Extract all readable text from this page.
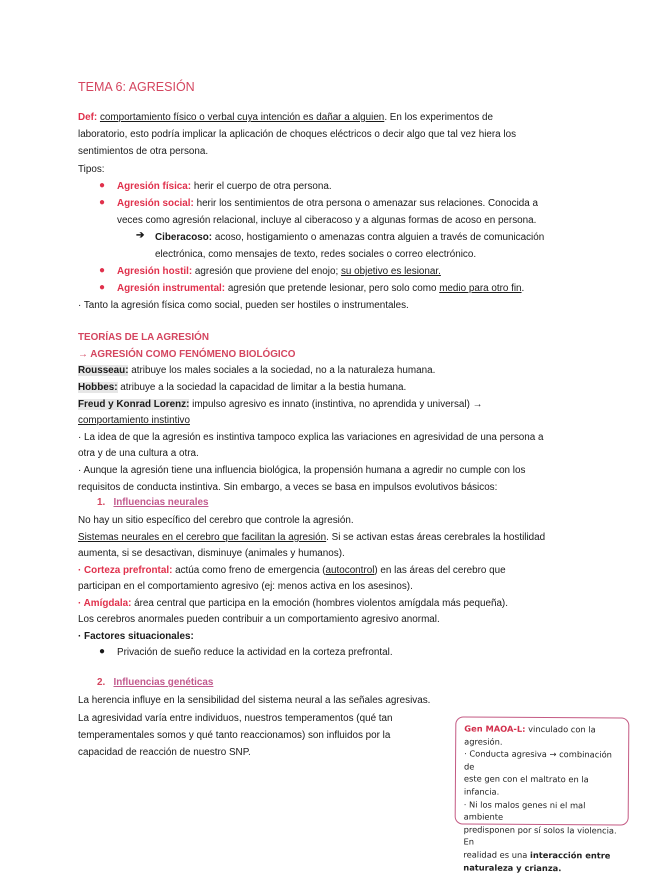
TEMA 6: AGRESIÓN
Def: comportamiento físico o verbal cuya intención es dañar a alguien. En los experimentos de
laboratorio, esto podría implicar la aplicación de choques eléctricos o decir algo que tal vez hiera los
sentimientos de otra persona.
Tipos:
● Agresión física: herir el cuerpo de otra persona.
● Agresión social: herir los sentimientos de otra persona o amenazar sus relaciones. Conocida a
veces como agresión relacional, incluye al ciberacoso y a algunas formas de acoso en persona.
➔ Ciberacoso: acoso, hostigamiento o amenazas contra alguien a través de comunicación
electrónica, como mensajes de texto, redes sociales o correo electrónico.
● Agresión hostil: agresión que proviene del enojo; su objetivo es lesionar.
● Agresión instrumental: agresión que pretende lesionar, pero solo como medio para otro fin.
· Tanto la agresión física como social, pueden ser hostiles o instrumentales.
TEORÍAS DE LA AGRESIÓN
→ AGRESIÓN COMO FENÓMENO BIOLÓGICO
Rousseau: atribuye los males sociales a la sociedad, no a la naturaleza humana.
Hobbes: atribuye a la sociedad la capacidad de limitar a la bestia humana.
Freud y Konrad Lorenz: impulso agresivo es innato (instintiva, no aprendida y universal) →
comportamiento instintivo
· La idea de que la agresión es instintiva tampoco explica las variaciones en agresividad de una persona a
otra y de una cultura a otra.
· Aunque la agresión tiene una influencia biológica, la propensión humana a agredir no cumple con los
requisitos de conducta instintiva. Sin embargo, a veces se basa en impulsos evolutivos básicos:
1. Influencias neurales
No hay un sitio específico del cerebro que controle la agresión.
Sistemas neurales en el cerebro que facilitan la agresión. Si se activan estas áreas cerebrales la hostilidad
aumenta, si se desactivan, disminuye (animales y humanos).
· Corteza prefrontal: actúa como freno de emergencia (autocontrol) en las áreas del cerebro que
participan en el comportamiento agresivo (ej: menos activa en los asesinos).
· Amígdala: área central que participa en la emoción (hombres violentos amígdala más pequeña).
Los cerebros anormales pueden contribuir a un comportamiento agresivo anormal.
· Factores situacionales:
● Privación de sueño reduce la actividad en la corteza prefrontal.
2. Influencias genéticas
La herencia influye en la sensibilidad del sistema neural a las señales agresivas.
La agresividad varía entre individuos, nuestros temperamentos (qué tan
temperamentales somos y qué tanto reaccionamos) son influidos por la
capacidad de reacción de nuestro SNP.
Gen MAOA-L: vinculado con la agresión.
· Conducta agresiva → combinación de
este gen con el maltrato en la infancia.
· Ni los malos genes ni el mal ambiente
predisponen por sí solos la violencia. En
realidad es una interacción entre
naturaleza y crianza.
